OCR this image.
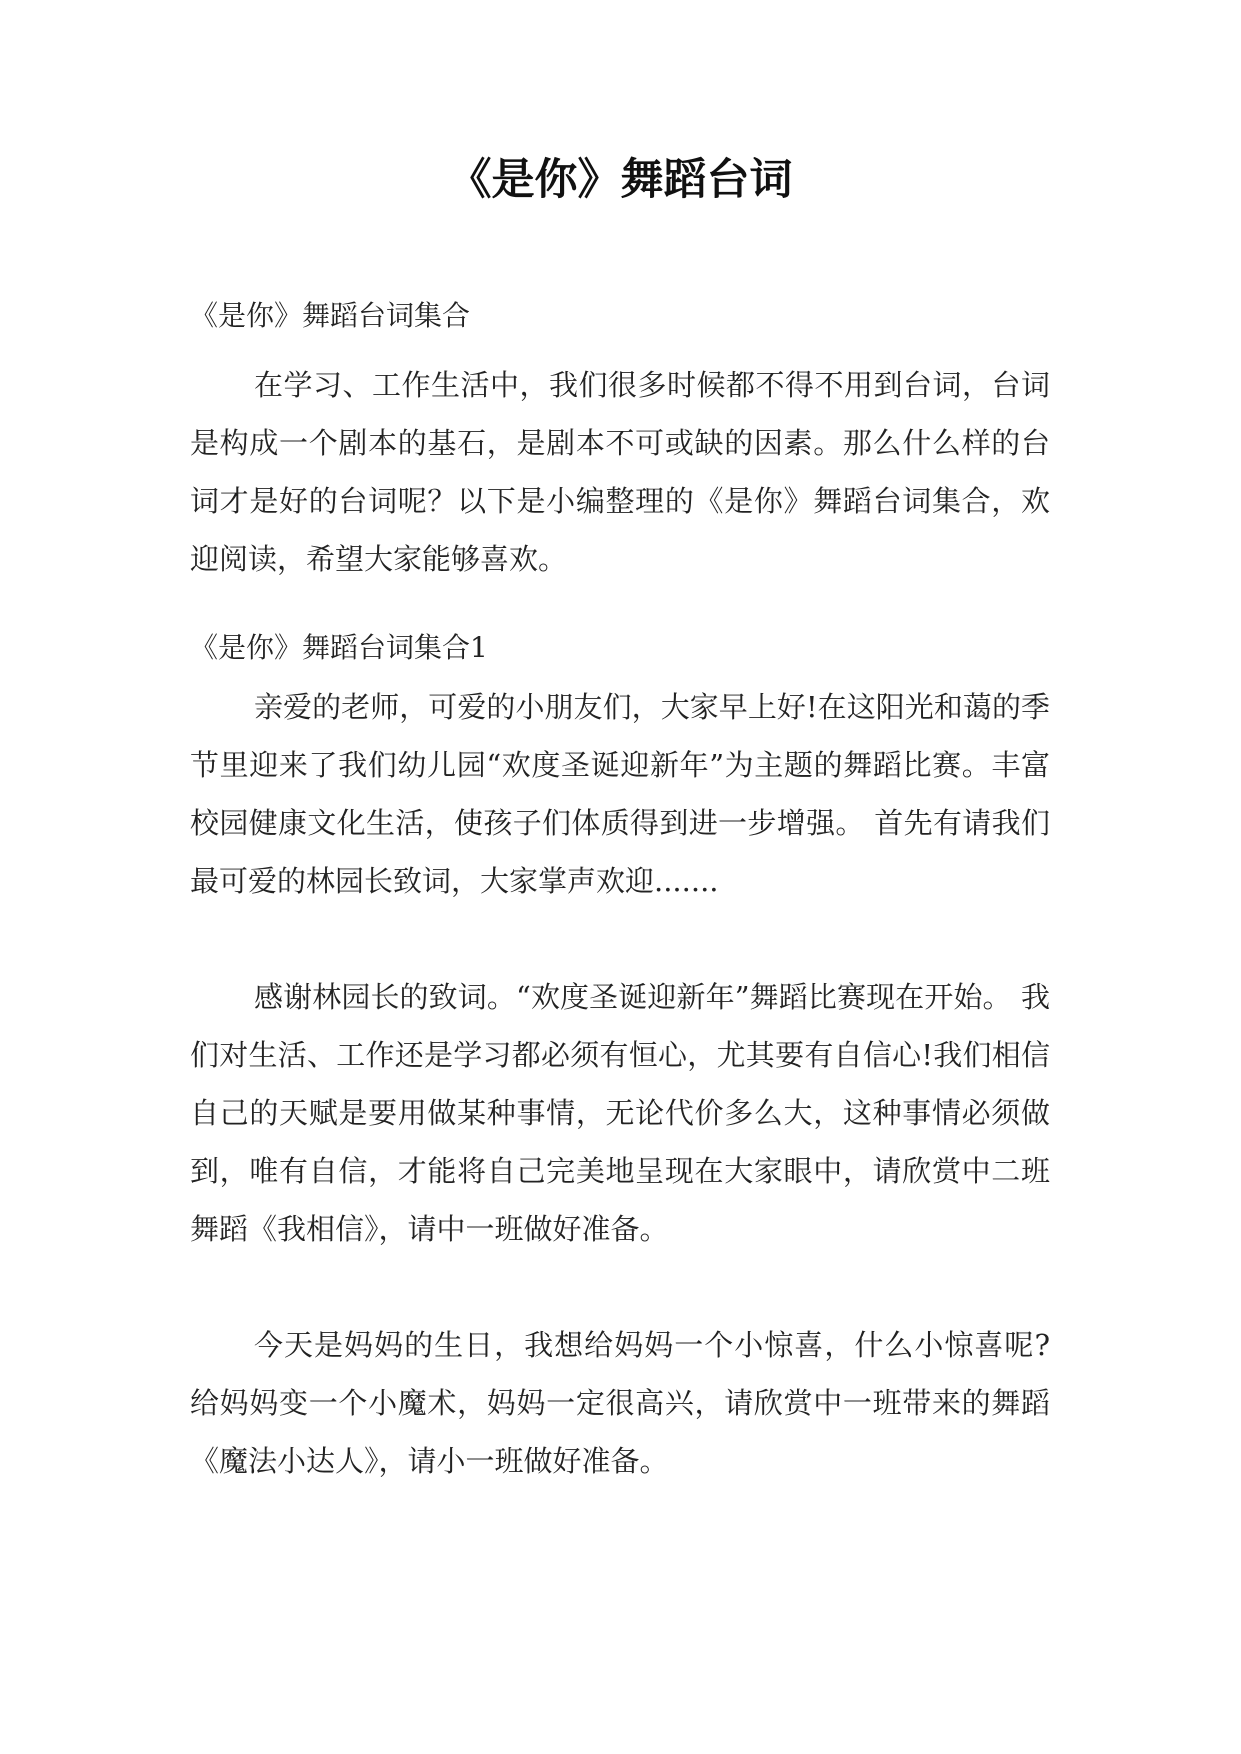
《是你》舞蹈台词
《是你》舞蹈台词集合

在学习、工作生活中，我们很多时候都不得不用到台词，台词是构成一个剧本的基石，是剧本不可或缺的因素。那么什么样的台词才是好的台词呢？以下是小编整理的《是你》舞蹈台词集合，欢迎阅读，希望大家能够喜欢。

《是你》舞蹈台词集合1

亲爱的老师，可爱的小朋友们，大家早上好!在这阳光和蔼的季节里迎来了我们幼儿园“欢度圣诞迎新年”为主题的舞蹈比赛。丰富校园健康文化生活，使孩子们体质得到进一步增强。 首先有请我们最可爱的林园长致词，大家掌声欢迎.......

感谢林园长的致词。“欢度圣诞迎新年”舞蹈比赛现在开始。 我们对生活、工作还是学习都必须有恒心，尤其要有自信心!我们相信自己的天赋是要用做某种事情，无论代价多么大，这种事情必须做到，唯有自信，才能将自己完美地呈现在大家眼中，请欣赏中二班舞蹈《我相信》，请中一班做好准备。

今天是妈妈的生日，我想给妈妈一个小惊喜，什么小惊喜呢?给妈妈变一个小魔术，妈妈一定很高兴，请欣赏中一班带来的舞蹈《魔法小达人》，请小一班做好准备。
